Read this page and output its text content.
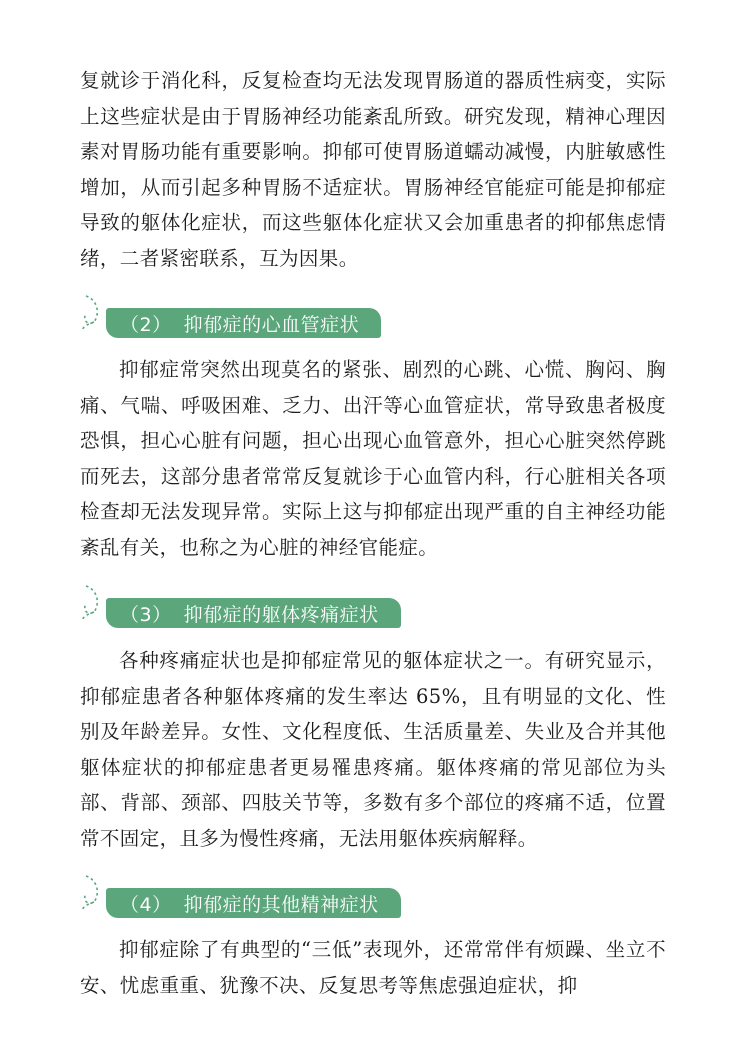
复就诊于消化科，反复检查均无法发现胃肠道的器质性病变，实际上这些症状是由于胃肠神经功能紊乱所致。研究发现，精神心理因素对胃肠功能有重要影响。抑郁可使胃肠道蠕动减慢，内脏敏感性增加，从而引起多种胃肠不适症状。胃肠神经官能症可能是抑郁症导致的躯体化症状，而这些躯体化症状又会加重患者的抑郁焦虑情绪，二者紧密联系，互为因果。

（2） 抑郁症的心血管症状

抑郁症常突然出现莫名的紧张、剧烈的心跳、心慌、胸闷、胸痛、气喘、呼吸困难、乏力、出汗等心血管症状，常导致患者极度恐惧，担心心脏有问题，担心出现心血管意外，担心心脏突然停跳而死去，这部分患者常常反复就诊于心血管内科，行心脏相关各项检查却无法发现异常。实际上这与抑郁症出现严重的自主神经功能紊乱有关，也称之为心脏的神经官能症。

（3） 抑郁症的躯体疼痛症状

各种疼痛症状也是抑郁症常见的躯体症状之一。有研究显示，抑郁症患者各种躯体疼痛的发生率达 65%，且有明显的文化、性别及年龄差异。女性、文化程度低、生活质量差、失业及合并其他躯体症状的抑郁症患者更易罹患疼痛。躯体疼痛的常见部位为头部、背部、颈部、四肢关节等，多数有多个部位的疼痛不适，位置常不固定，且多为慢性疼痛，无法用躯体疾病解释。

（4） 抑郁症的其他精神症状

抑郁症除了有典型的“三低”表现外，还常常伴有烦躁、坐立不安、忧虑重重、犹豫不决、反复思考等焦虑强迫症状，抑
